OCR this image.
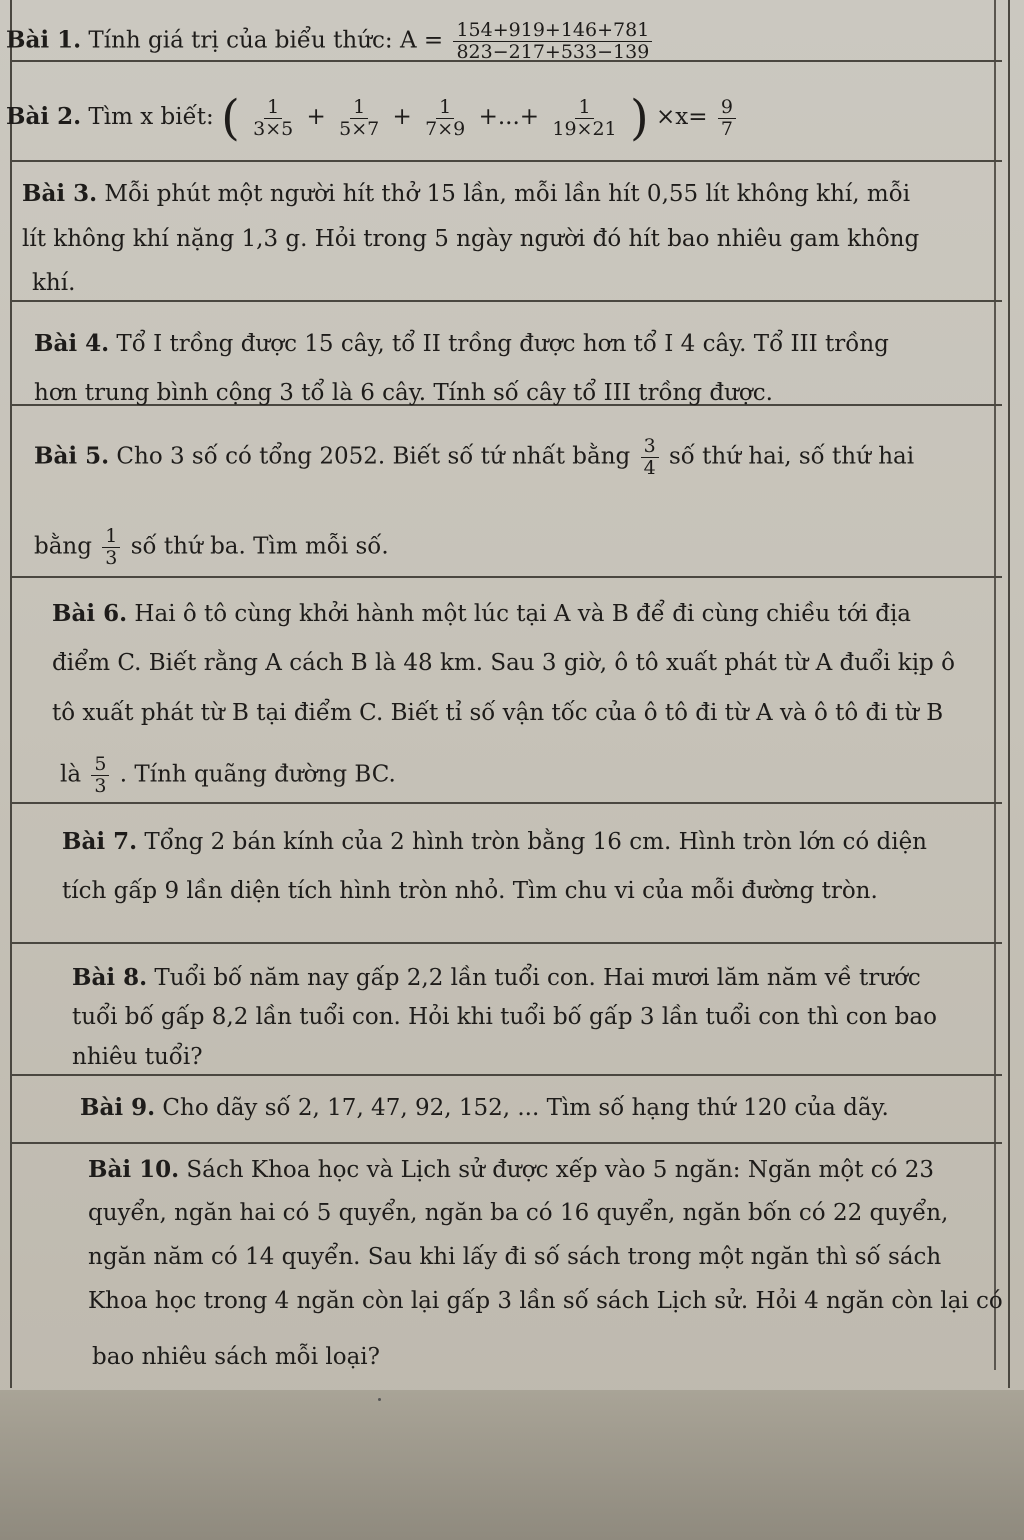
Bài 1. Tính giá trị của biểu thức: $A = \frac{154+919+146+781}{823-217+533-139}$
Bài 2. Tìm x biết: ( $\frac{1}{3\times 5} + \frac{1}{5\times 7} + \frac{1}{7\times 9}$ +...+ $\frac{1}{19\times 21}$ ) $\times x= \frac{9}{7}$
Bài 3. Mỗi phút một người hít thở 15 lần, mỗi lần hít 0,55 lít không khí, mỗi
lít không khí nặng 1,3 g. Hỏi trong 5 ngày người đó hít bao nhiêu gam không
khí.
Bài 4. Tổ I trồng được 15 cây, tổ II trồng được hơn tổ I 4 cây. Tổ III trồng
hơn trung bình cộng 3 tổ là 6 cây. Tính số cây tổ III trồng được.
Bài 5. Cho 3 số có tổng 2052. Biết số tứ nhất bằng $\frac{3}{4}$ số thứ hai, số thứ hai
bằng $\frac{1}{3}$ số thứ ba. Tìm mỗi số.
Bài 6. Hai ô tô cùng khởi hành một lúc tại A và B để đi cùng chiều tới địa
điểm C. Biết rằng A cách B là 48 km. Sau 3 giờ, ô tô xuất phát từ A đuổi kịp ô
tô xuất phát từ B tại điểm C. Biết tỉ số vận tốc của ô tô đi từ A và ô tô đi từ B
là $\frac{5}{3}$ . Tính quãng đường BC.
Bài 7. Tổng 2 bán kính của 2 hình tròn bằng 16 cm. Hình tròn lớn có diện
tích gấp 9 lần diện tích hình tròn nhỏ. Tìm chu vi của mỗi đường tròn.
Bài 8. Tuổi bố năm nay gấp 2,2 lần tuổi con. Hai mươi lăm năm về trước
tuổi bố gấp 8,2 lần tuổi con. Hỏi khi tuổi bố gấp 3 lần tuổi con thì con bao
nhiêu tuổi?
Bài 9. Cho dãy số 2, 17, 47, 92, 152, ... Tìm số hạng thứ 120 của dãy.
Bài 10. Sách Khoa học và Lịch sử được xếp vào 5 ngăn: Ngăn một có 23
quyển, ngăn hai có 5 quyển, ngăn ba có 16 quyển, ngăn bốn có 22 quyển,
ngăn năm có 14 quyển. Sau khi lấy đi số sách trong một ngăn thì số sách
Khoa học trong 4 ngăn còn lại gấp 3 lần số sách Lịch sử. Hỏi 4 ngăn còn lại có
bao nhiêu sách mỗi loại?
